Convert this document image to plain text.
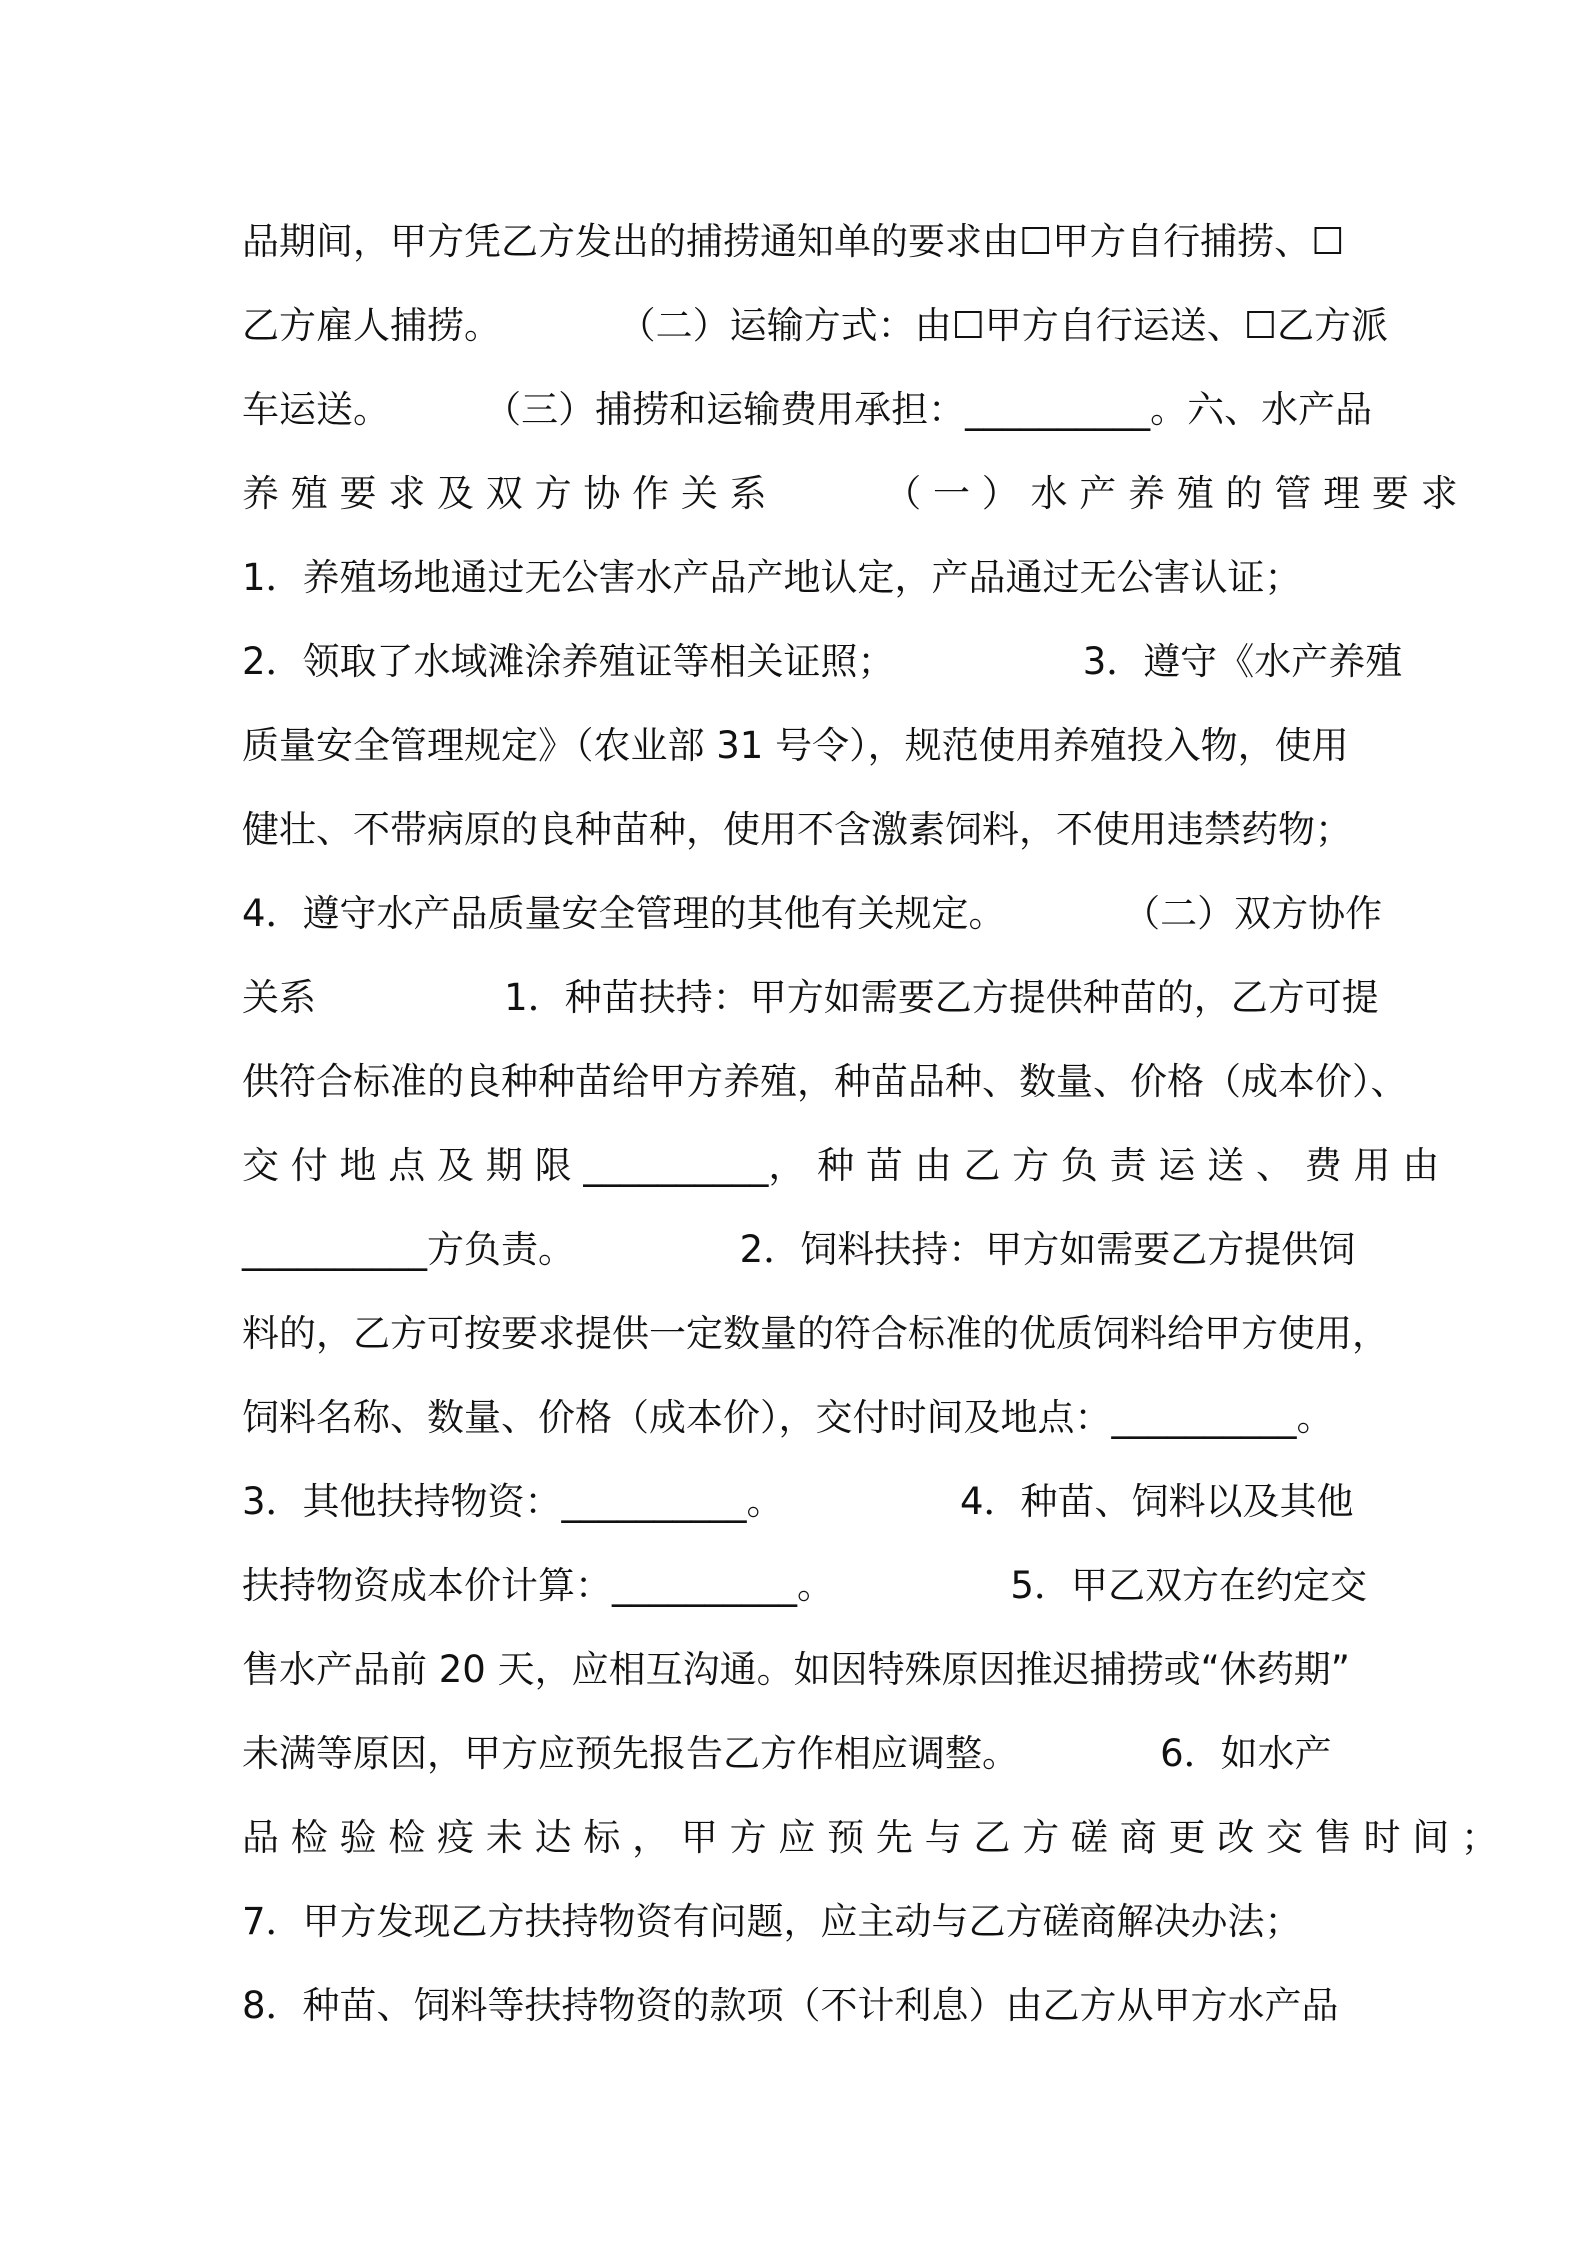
品期间，甲方凭乙方发出的捕捞通知单的要求由☐甲方自行捕捞、☐
乙方雇人捕捞。          （二）运输方式：由☐甲方自行运送、☐乙方派
车运送。        （三）捕捞和运输费用承担：__________。六、水产品
养 殖 要 求 及 双 方 协 作 关 系          （ 一 ） 水 产 养 殖 的 管 理 要 求
1．养殖场地通过无公害水产品产地认定，产品通过无公害认证；
2．领取了水域滩涂养殖证等相关证照；                3．遵守《水产养殖
质量安全管理规定》（农业部 31 号令），规范使用养殖投入物，使用
健壮、不带病原的良种苗种，使用不含激素饲料，不使用违禁药物；
4．遵守水产品质量安全管理的其他有关规定。          （二）双方协作
关系                1．种苗扶持：甲方如需要乙方提供种苗的，乙方可提
供符合标准的良种种苗给甲方养殖，种苗品种、数量、价格（成本价）、
交 付 地 点 及 期 限 __________， 种 苗 由 乙 方 负 责 运 送 、 费 用 由
__________方负责。              2．饲料扶持：甲方如需要乙方提供饲
料的，乙方可按要求提供一定数量的符合标准的优质饲料给甲方使用，
饲料名称、数量、价格（成本价），交付时间及地点：__________。
3．其他扶持物资：__________。               4．种苗、饲料以及其他
扶持物资成本价计算：__________。               5．甲乙双方在约定交
售水产品前 20 天，应相互沟通。如因特殊原因推迟捕捞或“休药期”
未满等原因，甲方应预先报告乙方作相应调整。            6．如水产
品 检 验 检 疫 未 达 标 ， 甲 方 应 预 先 与 乙 方 磋 商 更 改 交 售 时 间 ；
7．甲方发现乙方扶持物资有问题，应主动与乙方磋商解决办法；
8．种苗、饲料等扶持物资的款项（不计利息）由乙方从甲方水产品
